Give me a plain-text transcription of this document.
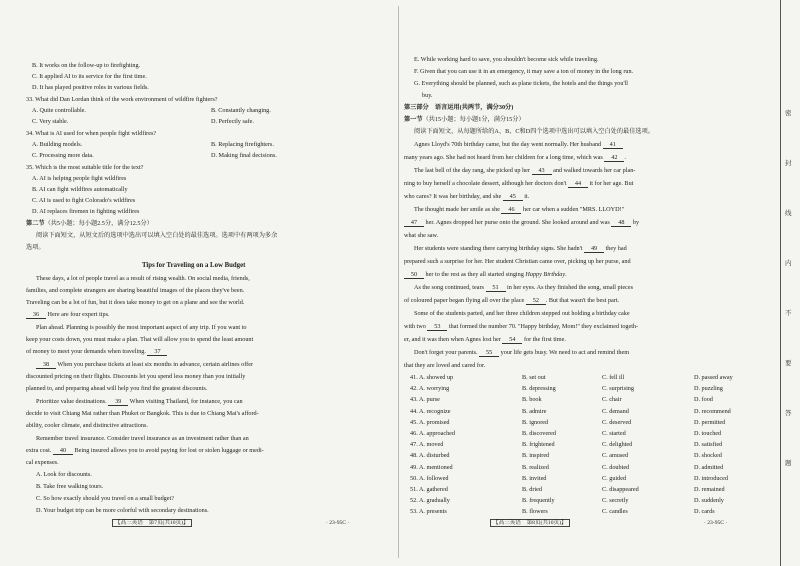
B. It works on the follow-up to firefighting.
C. It applied AI to its service for the first time.
D. It has played positive roles in various fields.
33. What did Dan Lordan think of the work environment of wildfire fighters?
A. Quite controllable.	B. Constantly changing.
C. Very stable.	D. Perfectly safe.
34. What is AI used for when people fight wildfires?
A. Building models.	B. Replacing firefighters.
C. Processing more data.	D. Making final decisions.
35. Which is the most suitable title for the text?
A. AI is helping people fight wildfires
B. AI can fight wildfires automatically
C. AI is used to fight Colorado's wildfires
D. AI replaces firemen in fighting wildfires
第二节（共5小题；每小题2.5分，满分12.5分）
阅读下面短文，从短文后的选项中选出可以填入空白处的最佳选项。选项中有两项为多余
选项。
Tips for Traveling on a Low Budget
These days, a lot of people travel as a result of rising wealth. On social media, friends,
families, and complete strangers are sharing beautiful images of the places they've been.
Traveling can be a lot of fun, but it does take money to get on a plane and see the world.
36 Here are four expert tips.
Plan ahead. Planning is possibly the most important aspect of any trip. If you want to
keep your costs down, you must make a plan. That will allow you to spend the least amount
of money to meet your demands when traveling. 37
38 When you purchase tickets at least six months in advance, certain airlines offer
discounted pricing on their flights. Discounts let you spend less money than you initially
planned to, and preparing ahead will help you find the greatest discounts.
Prioritize value destinations. 39 When visiting Thailand, for instance, you can
decide to visit Chiang Mai rather than Phuket or Bangkok. This is due to Chiang Mai's afford-
ability, cooler climate, and distinctive attractions.
Remember travel insurance. Consider travel insurance as an investment rather than an
extra cost. 40 Being insured allows you to avoid paying for lost or stolen luggage or medi-
cal expenses.
A. Look for discounts.
B. Take free walking tours.
C. So how exactly should you travel on a small budget?
D. Your budget trip can be more colorful with secondary destinations.
【高三英语　第7页(共10页)】	· 23-95C ·
E. While working hard to save, you shouldn't become sick while traveling.
F. Given that you can use it in an emergency, it may save a ton of money in the long run.
G. Everything should be planned, such as plane tickets, the hotels and the things you'll
buy.
第三部分　语言运用(共两节，满分30分)
第一节（共15小题；每小题1分，满分15分）
阅读下面短文，从每题所给的A、B、C和D四个选项中选出可以填入空白处的最佳选项。
Agnes Lloyd's 70th birthday came, but the day went normally. Her husband 41
many years ago. She had not heard from her children for a long time, which was 42 .
The last bell of the day rang, she picked up her 43 and walked towards her car plan-
ning to buy herself a chocolate dessert, although her doctors don't 44 it for her age. But
who cares? It was her birthday, and she 45 it.
The thought made her smile as she 46 her car when a sudden "MRS. LLOYD!"
47 her. Agnes dropped her purse onto the ground. She looked around and was 48 by
what she saw.
Her students were standing there carrying birthday signs. She hadn't 49 they had
prepared such a surprise for her. Her student Christian came over, picking up her purse, and
50 her to the rest as they all started singing Happy Birthday.
As the song continued, tears 51 in her eyes. As they finished the song, small pieces
of coloured paper began flying all over the place 52 . But that wasn't the best part.
Some of the students parted, and her three children stepped out holding a birthday cake
with two 53 that formed the number 70. "Happy birthday, Mom!" they exclaimed togeth-
er, and it was then when Agnes lost her 54 for the first time.
Don't forget your parents. 55 your life gets busy. We need to act and remind them
that they are loved and cared for.
41. A. showed up	B. set out	C. fell ill	D. passed away
42. A. worrying	B. depressing	C. surprising	D. puzzling
43. A. purse	B. book	C. chair	D. food
44. A. recognize	B. admire	C. demand	D. recommend
45. A. promised	B. ignored	C. deserved	D. permitted
46. A. approached	B. discovered	C. started	D. touched
47. A. moved	B. frightened	C. delighted	D. satisfied
48. A. disturbed	B. inspired	C. amused	D. shocked
49. A. mentioned	B. realized	C. doubted	D. admitted
50. A. followed	B. invited	C. guided	D. introduced
51. A. gathered	B. dried	C. disappeared	D. remained
52. A. gradually	B. frequently	C. secretly	D. suddenly
53. A. presents	B. flowers	C. candles	D. cards
【高三英语　第8页(共10页)】	· 23-95C ·
密
封
线
内
不
要
答
题
